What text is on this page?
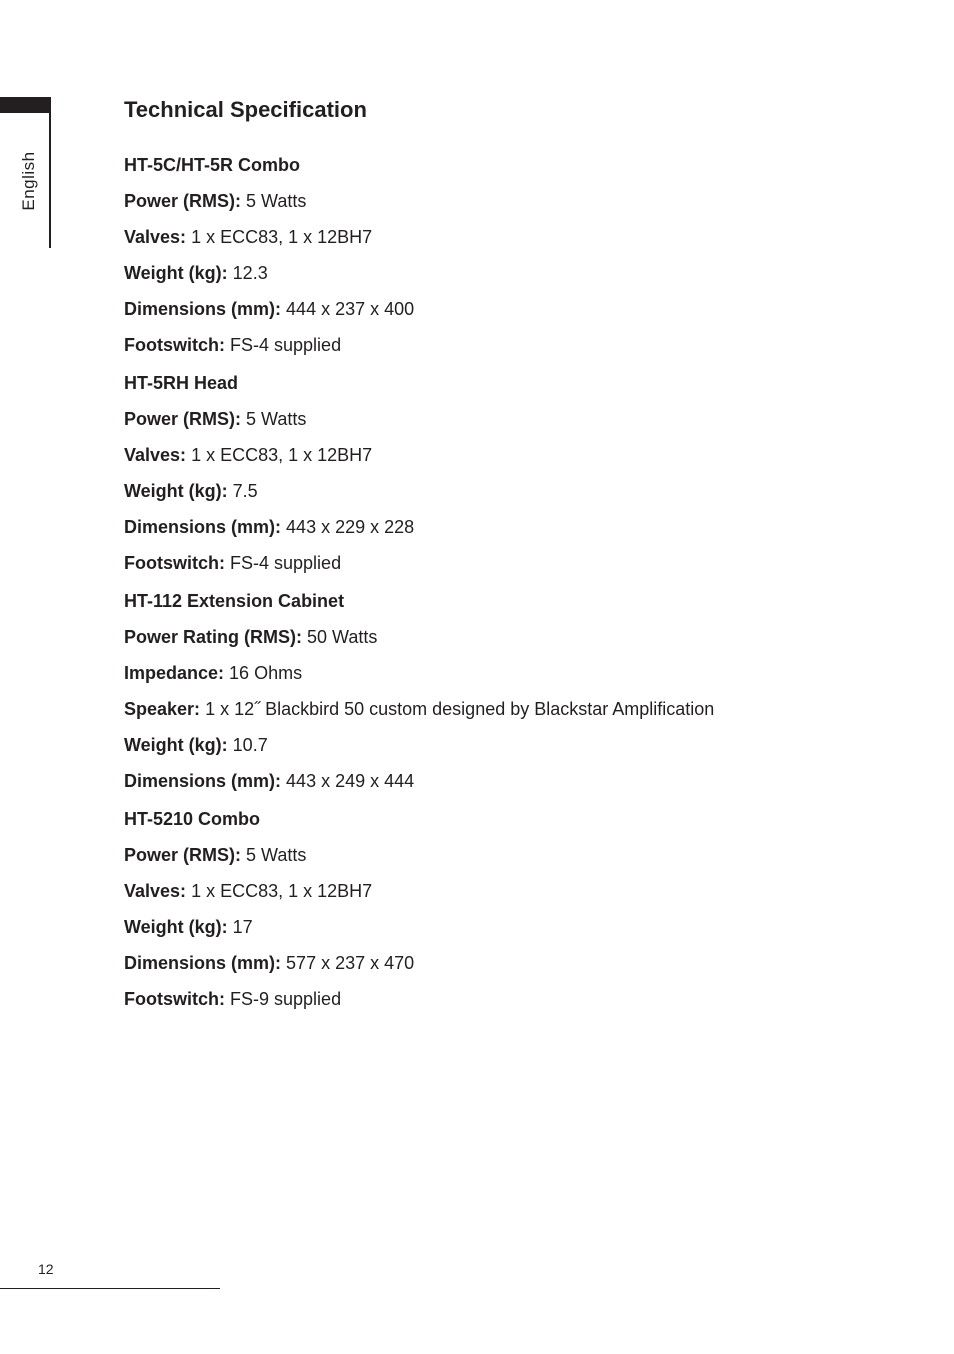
English
Technical Specification
HT-5C/HT-5R Combo
Power (RMS): 5 Watts
Valves: 1 x ECC83, 1 x 12BH7
Weight (kg): 12.3
Dimensions (mm): 444 x 237 x 400
Footswitch: FS-4 supplied
HT-5RH Head
Power (RMS): 5 Watts
Valves: 1 x ECC83, 1 x 12BH7
Weight (kg): 7.5
Dimensions (mm): 443 x 229 x 228
Footswitch: FS-4 supplied
HT-112 Extension Cabinet
Power Rating (RMS): 50 Watts
Impedance: 16 Ohms
Speaker: 1 x 12˝ Blackbird 50 custom designed by Blackstar Amplification
Weight (kg): 10.7
Dimensions (mm): 443 x 249 x 444
HT-5210 Combo
Power (RMS): 5 Watts
Valves: 1 x ECC83, 1 x 12BH7
Weight (kg): 17
Dimensions (mm): 577 x 237 x 470
Footswitch: FS-9 supplied
12
